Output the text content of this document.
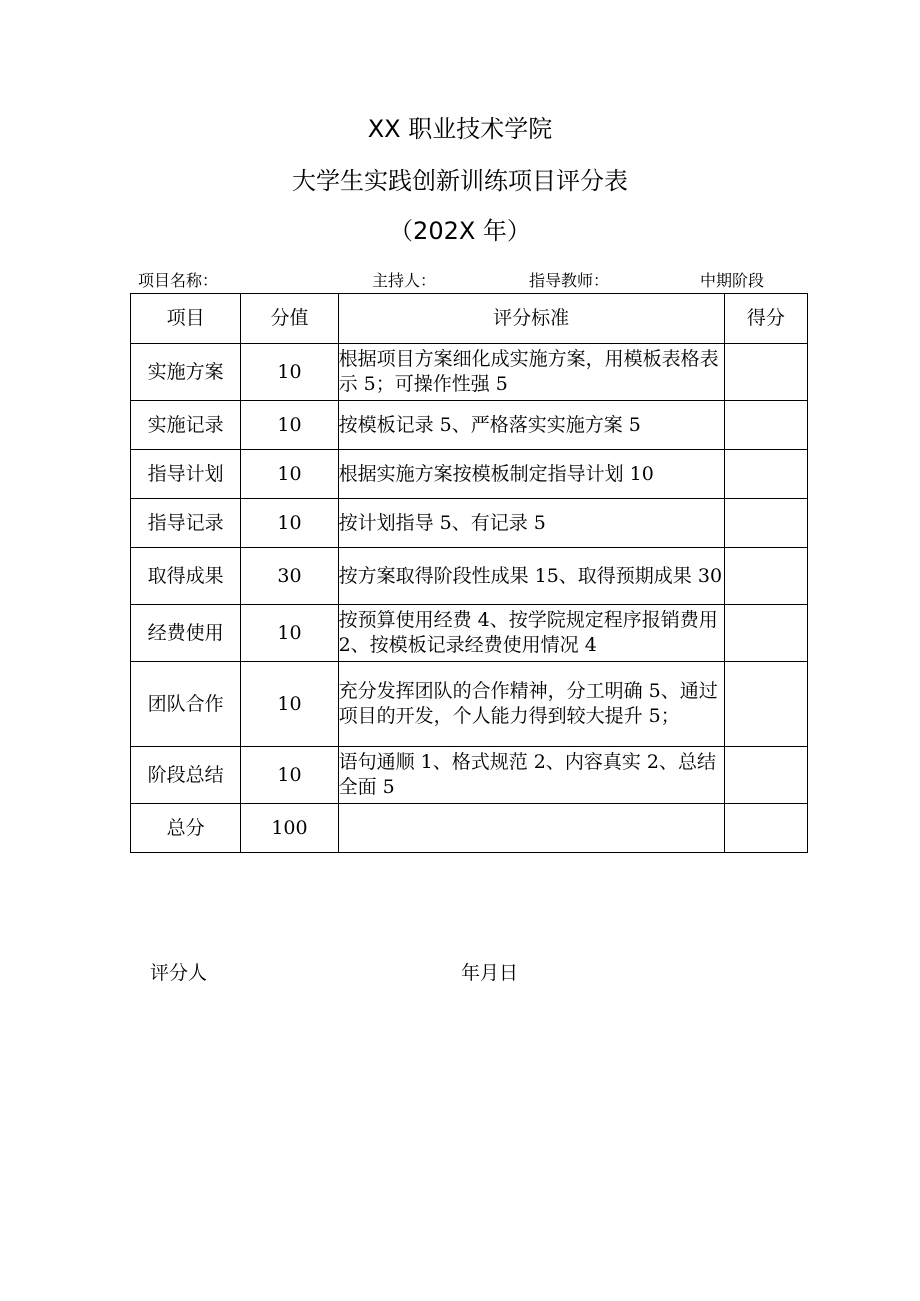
XX 职业技术学院
大学生实践创新训练项目评分表
（202X 年）
项目名称：	主持人：	指导教师：	中期阶段
项目	分值	评分标准	得分
实施方案	10	根据项目方案细化成实施方案，用模板表格表示 5；可操作性强 5	
实施记录	10	按模板记录 5、严格落实实施方案 5	
指导计划	10	根据实施方案按模板制定指导计划 10	
指导记录	10	按计划指导 5、有记录 5	
取得成果	30	按方案取得阶段性成果 15、取得预期成果 30	
经费使用	10	按预算使用经费 4、按学院规定程序报销费用 2、按模板记录经费使用情况 4	
团队合作	10	充分发挥团队的合作精神，分工明确 5、通过项目的开发，个人能力得到较大提升 5；	
阶段总结	10	语句通顺 1、格式规范 2、内容真实 2、总结全面 5	
总分	100		
评分人	年月日
